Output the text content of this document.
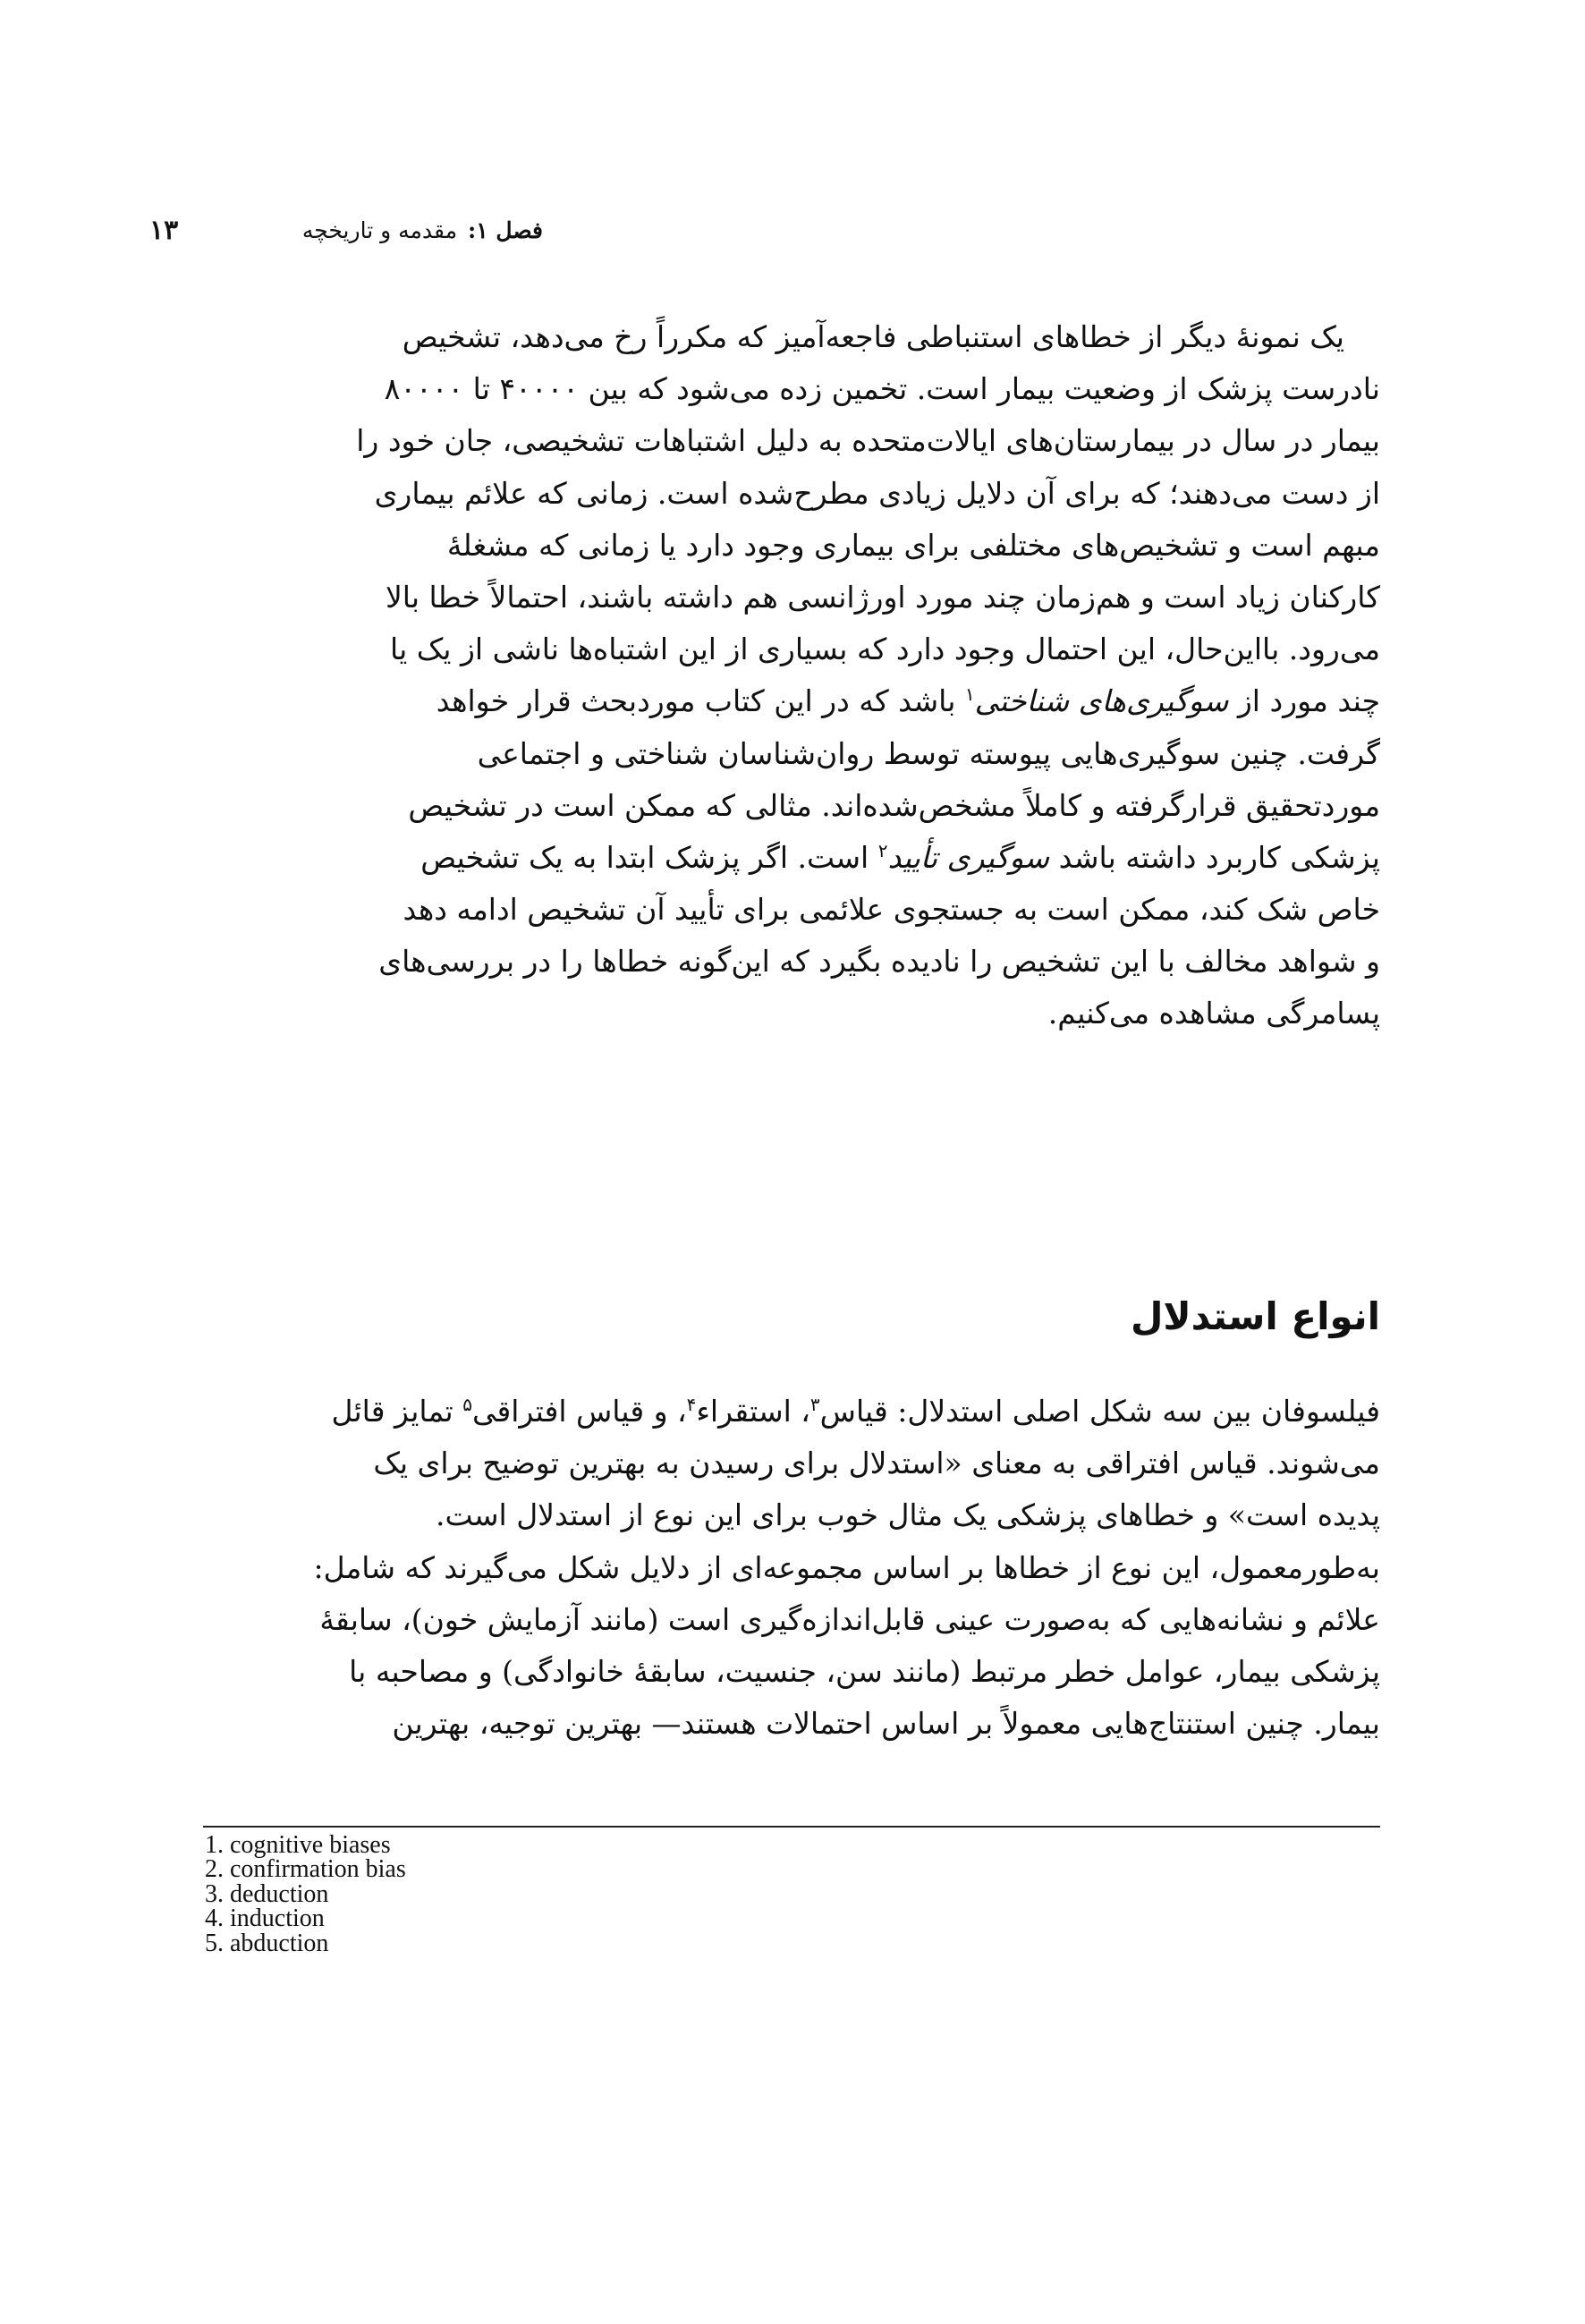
فصل ۱: مقدمه و تاریخچه
۱۳
یک نمونهٔ دیگر از خطاهای استنباطی فاجعه‌آمیز که مکرراً رخ می‌دهد، تشخیص
نادرست پزشک از وضعیت بیمار است. تخمین زده می‌شود که بین ۴۰۰۰۰ تا ۸۰۰۰۰
بیمار در سال در بیمارستان‌های ایالات‌متحده به دلیل اشتباهات تشخیصی، جان خود را
از دست می‌دهند؛ که برای آن دلایل زیادی مطرح‌شده است. زمانی که علائم بیماری
مبهم است و تشخیص‌های مختلفی برای بیماری وجود دارد یا زمانی که مشغلهٔ
کارکنان زیاد است و هم‌زمان چند مورد اورژانسی هم داشته باشند، احتمالاً خطا بالا
می‌رود. بااین‌حال، این احتمال وجود دارد که بسیاری از این اشتباه‌ها ناشی از یک یا
چند مورد از سوگیری‌های شناختی$^۱$ باشد که در این کتاب موردبحث قرار خواهد
گرفت. چنین سوگیری‌هایی پیوسته توسط روان‌شناسان شناختی و اجتماعی
موردتحقیق قرارگرفته و کاملاً مشخص‌شده‌اند. مثالی که ممکن است در تشخیص
پزشکی کاربرد داشته باشد سوگیری تأیید$^۲$ است. اگر پزشک ابتدا به یک تشخیص
خاص شک کند، ممکن است به جستجوی علائمی برای تأیید آن تشخیص ادامه دهد
و شواهد مخالف با این تشخیص را نادیده بگیرد که این‌گونه خطاها را در بررسی‌های
پسامرگی مشاهده می‌کنیم.
انواع استدلال
فیلسوفان بین سه شکل اصلی استدلال: قیاس$^۳$، استقراء$^۴$، و قیاس افتراقی$^۵$ تمایز قائل
می‌شوند. قیاس افتراقی به معنای «استدلال برای رسیدن به بهترین توضیح برای یک
پدیده است» و خطاهای پزشکی یک مثال خوب برای این نوع از استدلال است.
به‌طورمعمول، این نوع از خطاها بر اساس مجموعه‌ای از دلایل شکل می‌گیرند که شامل:
علائم و نشانه‌هایی که به‌صورت عینی قابل‌اندازه‌گیری است (مانند آزمایش خون)، سابقهٔ
پزشکی بیمار، عوامل خطر مرتبط (مانند سن، جنسیت، سابقهٔ خانوادگی) و مصاحبه با
بیمار. چنین استنتاج‌هایی معمولاً بر اساس احتمالات هستند— بهترین توجیه، بهترین
1. cognitive biases
2. confirmation bias
3. deduction
4. induction
5. abduction
